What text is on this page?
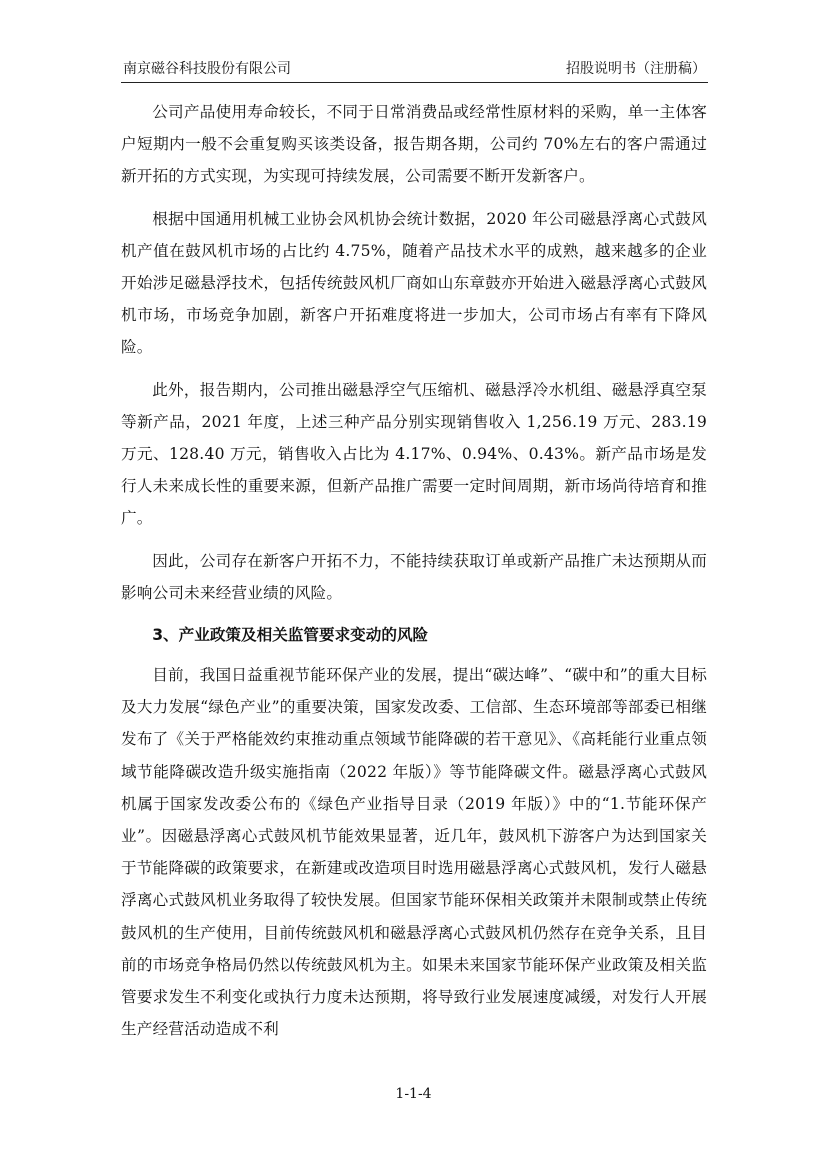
南京磁谷科技股份有限公司	招股说明书（注册稿）

公司产品使用寿命较长，不同于日常消费品或经常性原材料的采购，单一主体客户短期内一般不会重复购买该类设备，报告期各期，公司约 70%左右的客户需通过新开拓的方式实现，为实现可持续发展，公司需要不断开发新客户。

根据中国通用机械工业协会风机协会统计数据，2020 年公司磁悬浮离心式鼓风机产值在鼓风机市场的占比约 4.75%，随着产品技术水平的成熟，越来越多的企业开始涉足磁悬浮技术，包括传统鼓风机厂商如山东章鼓亦开始进入磁悬浮离心式鼓风机市场，市场竞争加剧，新客户开拓难度将进一步加大，公司市场占有率有下降风险。

此外，报告期内，公司推出磁悬浮空气压缩机、磁悬浮冷水机组、磁悬浮真空泵等新产品，2021 年度，上述三种产品分别实现销售收入 1,256.19 万元、283.19 万元、128.40 万元，销售收入占比为 4.17%、0.94%、0.43%。新产品市场是发行人未来成长性的重要来源，但新产品推广需要一定时间周期，新市场尚待培育和推广。

因此，公司存在新客户开拓不力，不能持续获取订单或新产品推广未达预期从而影响公司未来经营业绩的风险。

3、产业政策及相关监管要求变动的风险

目前，我国日益重视节能环保产业的发展，提出“碳达峰”、“碳中和”的重大目标及大力发展“绿色产业”的重要决策，国家发改委、工信部、生态环境部等部委已相继发布了《关于严格能效约束推动重点领域节能降碳的若干意见》、《高耗能行业重点领域节能降碳改造升级实施指南（2022 年版）》等节能降碳文件。磁悬浮离心式鼓风机属于国家发改委公布的《绿色产业指导目录（2019 年版）》中的“1.节能环保产业”。因磁悬浮离心式鼓风机节能效果显著，近几年，鼓风机下游客户为达到国家关于节能降碳的政策要求，在新建或改造项目时选用磁悬浮离心式鼓风机，发行人磁悬浮离心式鼓风机业务取得了较快发展。但国家节能环保相关政策并未限制或禁止传统鼓风机的生产使用，目前传统鼓风机和磁悬浮离心式鼓风机仍然存在竞争关系，且目前的市场竞争格局仍然以传统鼓风机为主。如果未来国家节能环保产业政策及相关监管要求发生不利变化或执行力度未达预期，将导致行业发展速度减缓，对发行人开展生产经营活动造成不利

1-1-4
